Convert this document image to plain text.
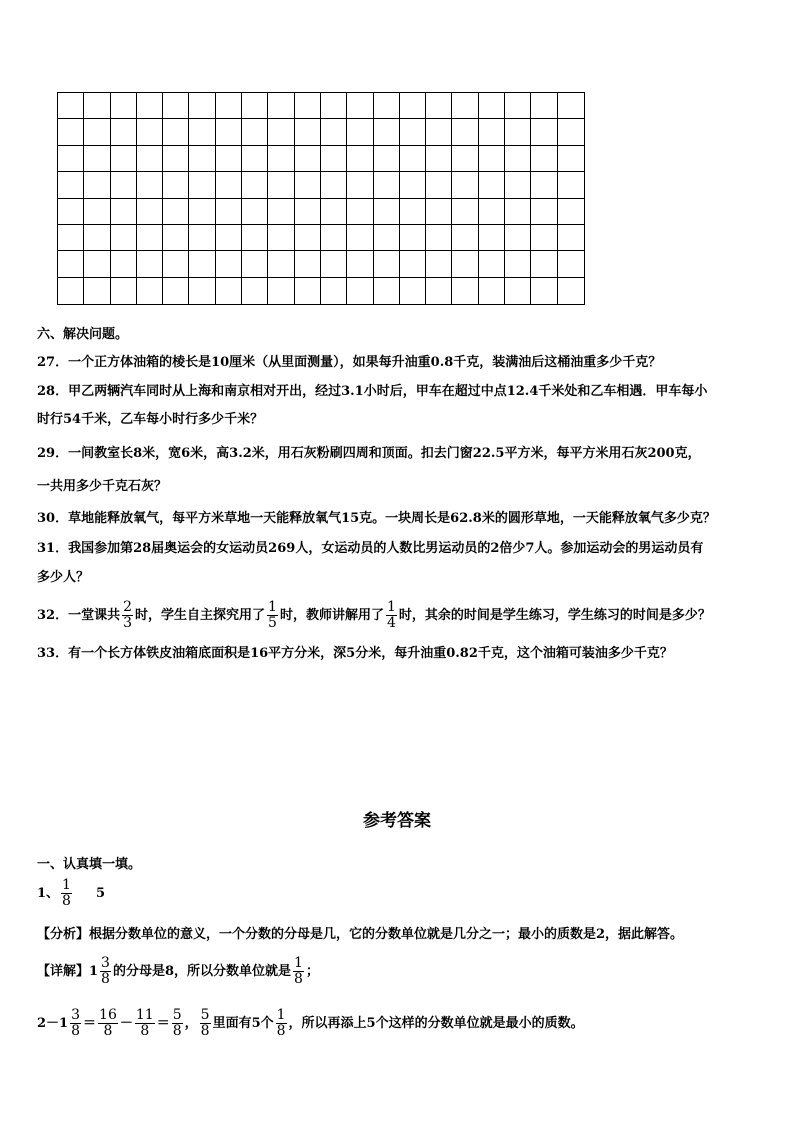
六、解决问题。
27．一个正方体油箱的棱长是10厘米（从里面测量），如果每升油重0.8千克，装满油后这桶油重多少千克？
28．甲乙两辆汽车同时从上海和南京相对开出，经过3.1小时后，甲车在超过中点12.4千米处和乙车相遇．甲车每小
时行54千米，乙车每小时行多少千米？
29．一间教室长8米，宽6米，高3.2米，用石灰粉刷四周和顶面。扣去门窗22.5平方米，每平方米用石灰200克，
一共用多少千克石灰？
30．草地能释放氧气，每平方米草地一天能释放氧气15克。一块周长是62.8米的圆形草地，一天能释放氧气多少克？
31．我国参加第28届奥运会的女运动员269人，女运动员的人数比男运动员的2倍少7人。参加运动会的男运动员有
多少人？
32．一堂课共 $\frac{2}{3}$ 时，学生自主探究用了 $\frac{1}{5}$ 时，教师讲解用了 $\frac{1}{4}$ 时，其余的时间是学生练习，学生练习的时间是多少？
33．有一个长方体铁皮油箱底面积是16平方分米，深5分米，每升油重0.82千克，这个油箱可装油多少千克？
参考答案
一、认真填一填。
1、 $\frac{1}{8} 5$
【分析】根据分数单位的意义，一个分数的分母是几，它的分数单位就是几分之一；最小的质数是2，据此解答。
【详解】$1 \frac{3}{8}$ 的分母是8，所以分数单位就是 $\frac{1}{8}$ ；
$2-1 \frac{3}{8} = \frac{16}{8} - \frac{11}{8} = \frac{5}{8}$ ， $\frac{5}{8}$ 里面有5个 $\frac{1}{8}$ ，所以再添上5个这样的分数单位就是最小的质数。
